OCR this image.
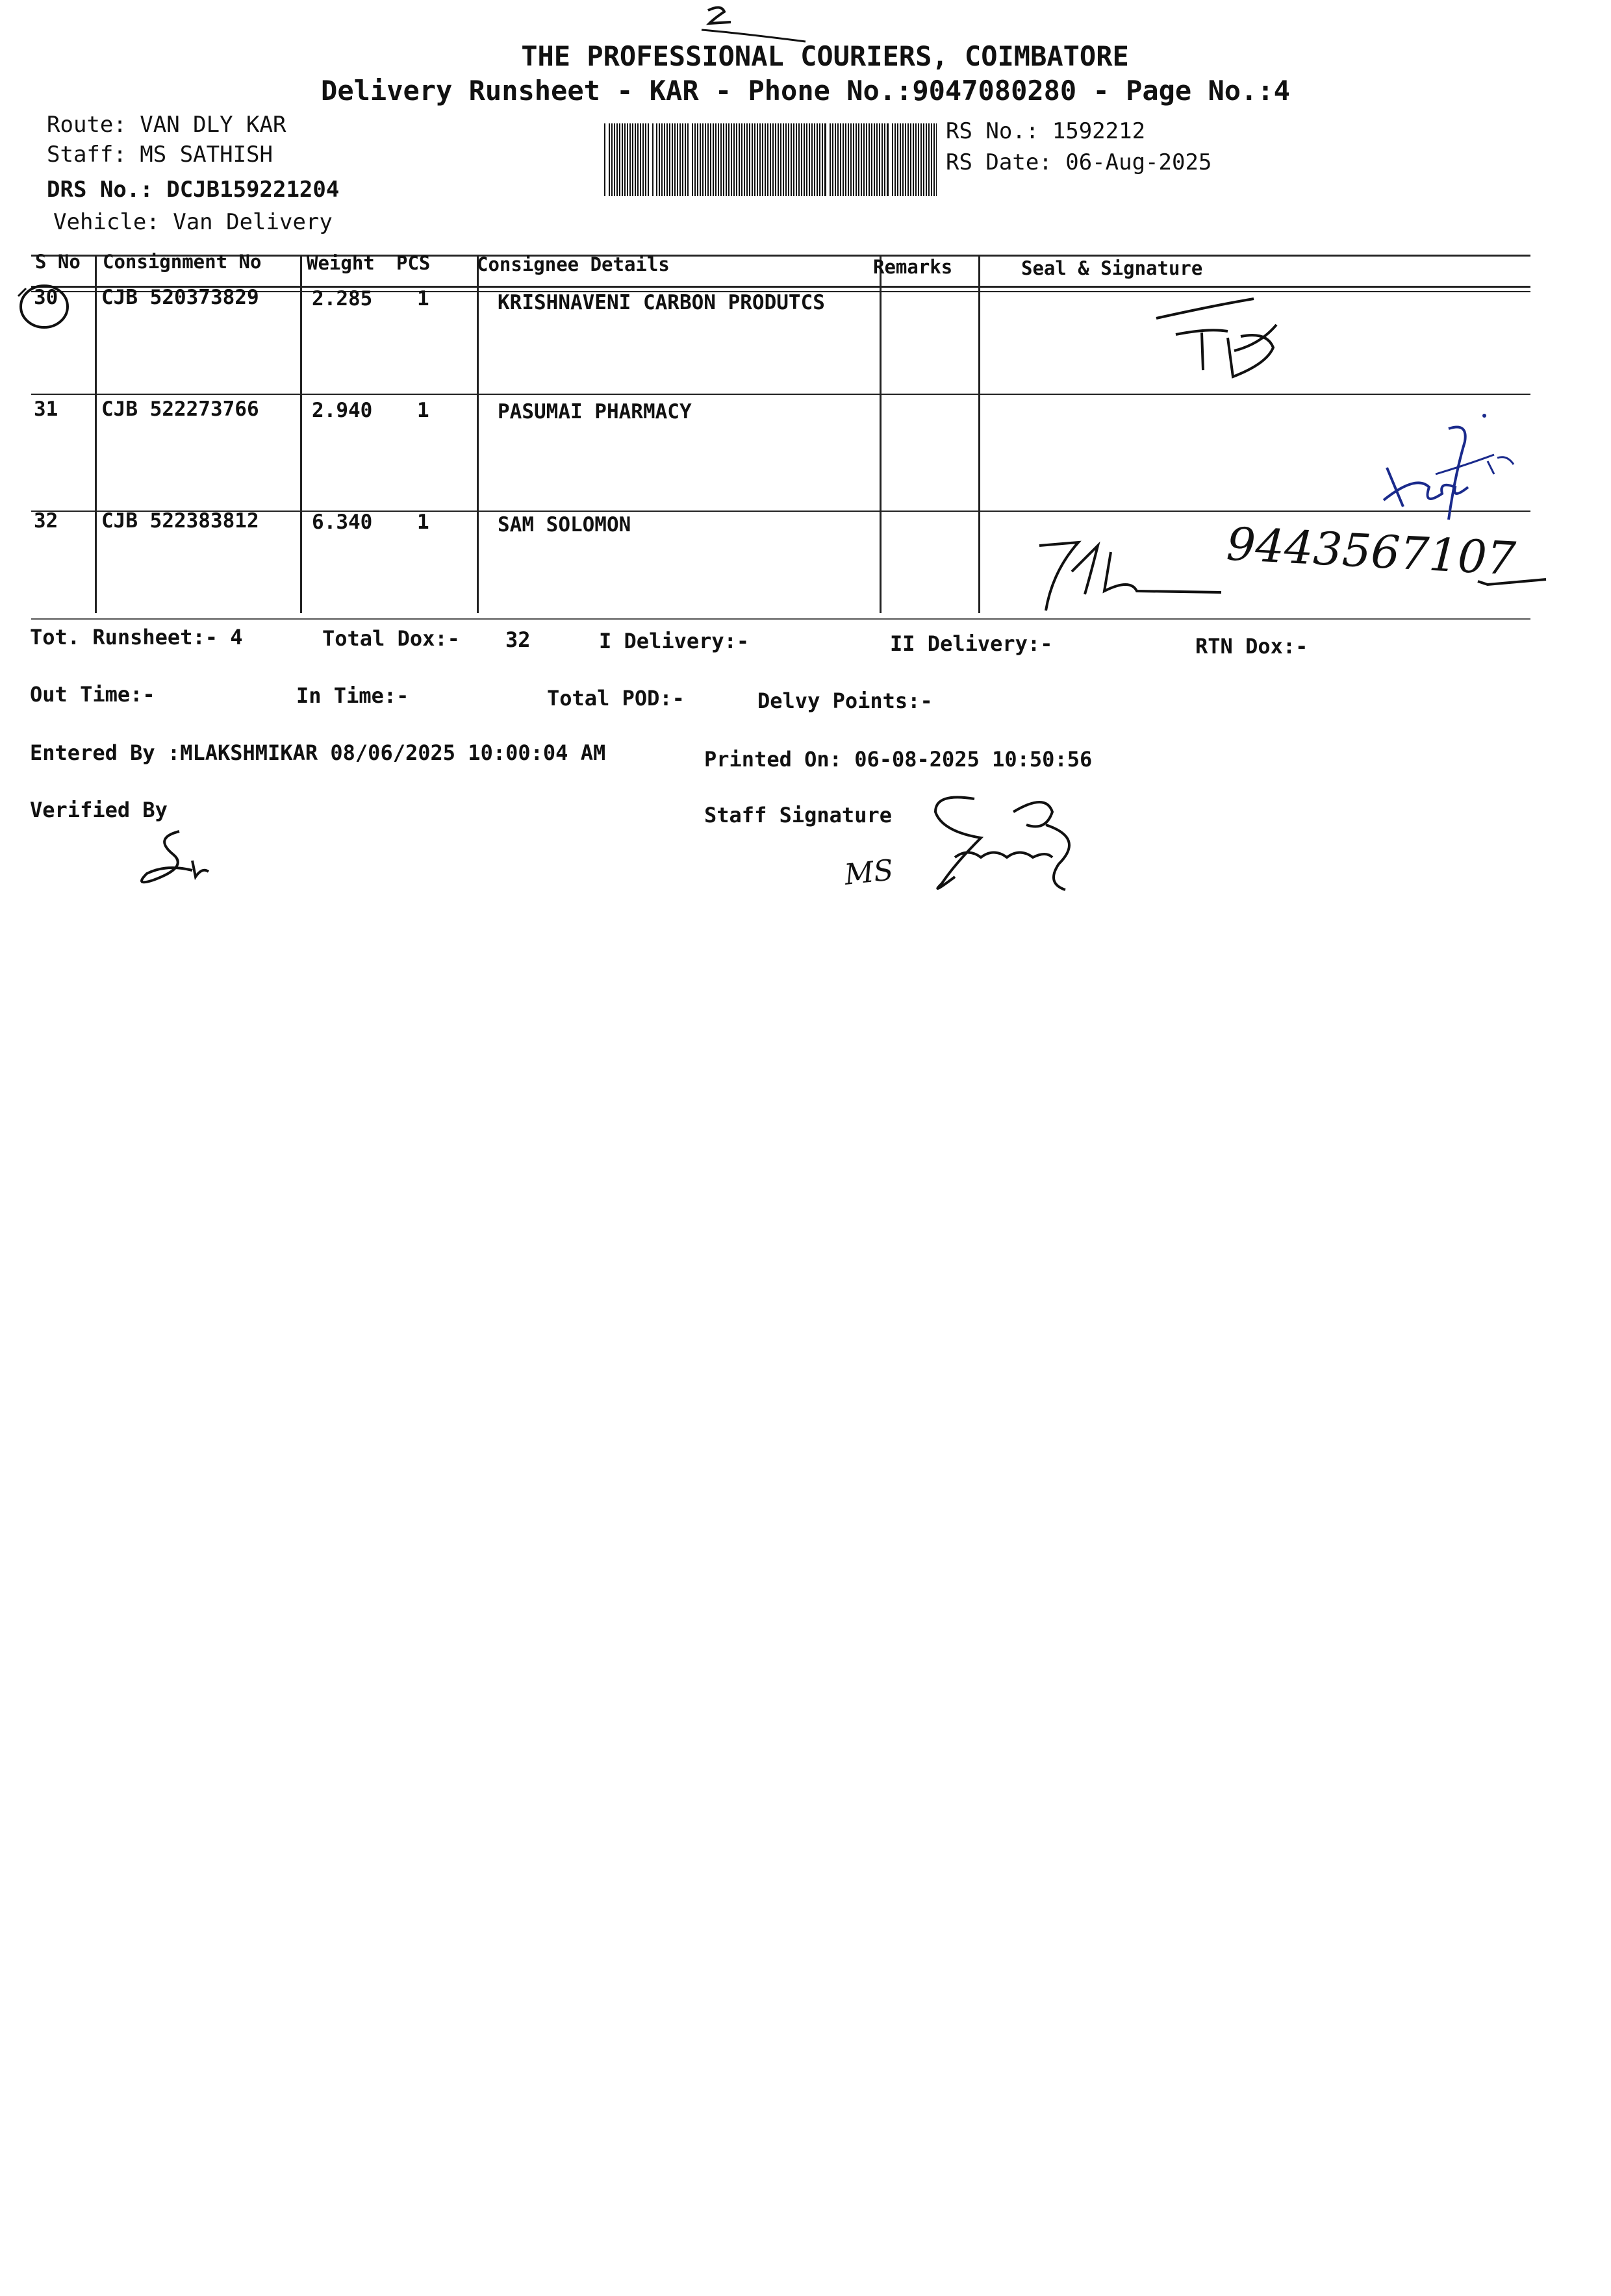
THE PROFESSIONAL COURIERS, COIMBATORE
Delivery Runsheet - KAR - Phone No.:9047080280 - Page No.:4
Route: VAN DLY KAR
Staff: MS SATHISH
DRS No.: DCJB159221204
Vehicle: Van Delivery
RS No.: 1592212
RS Date: 06-Aug-2025
S No Consignment No Weight PCS Consignee Details	Remarks	Seal & Signature
30 CJB 520373829	2.285 1	KRISHNAVENI CARBON PRODUTCS
31 CJB 522273766	2.940 1	PASUMAI PHARMACY
32 CJB 522383812	6.340 1	SAM SOLOMON	9443567107
Tot. Runsheet:- 4	Total Dox:- 32	I Delivery:-	II Delivery:-	RTN Dox:-
Out Time:-	In Time:-	Total POD:-	Delvy Points:-
Entered By :MLAKSHMIKAR 08/06/2025 10:00:04 AM	Printed On: 06-08-2025 10:50:56
Verified By	Staff Signature
MS
